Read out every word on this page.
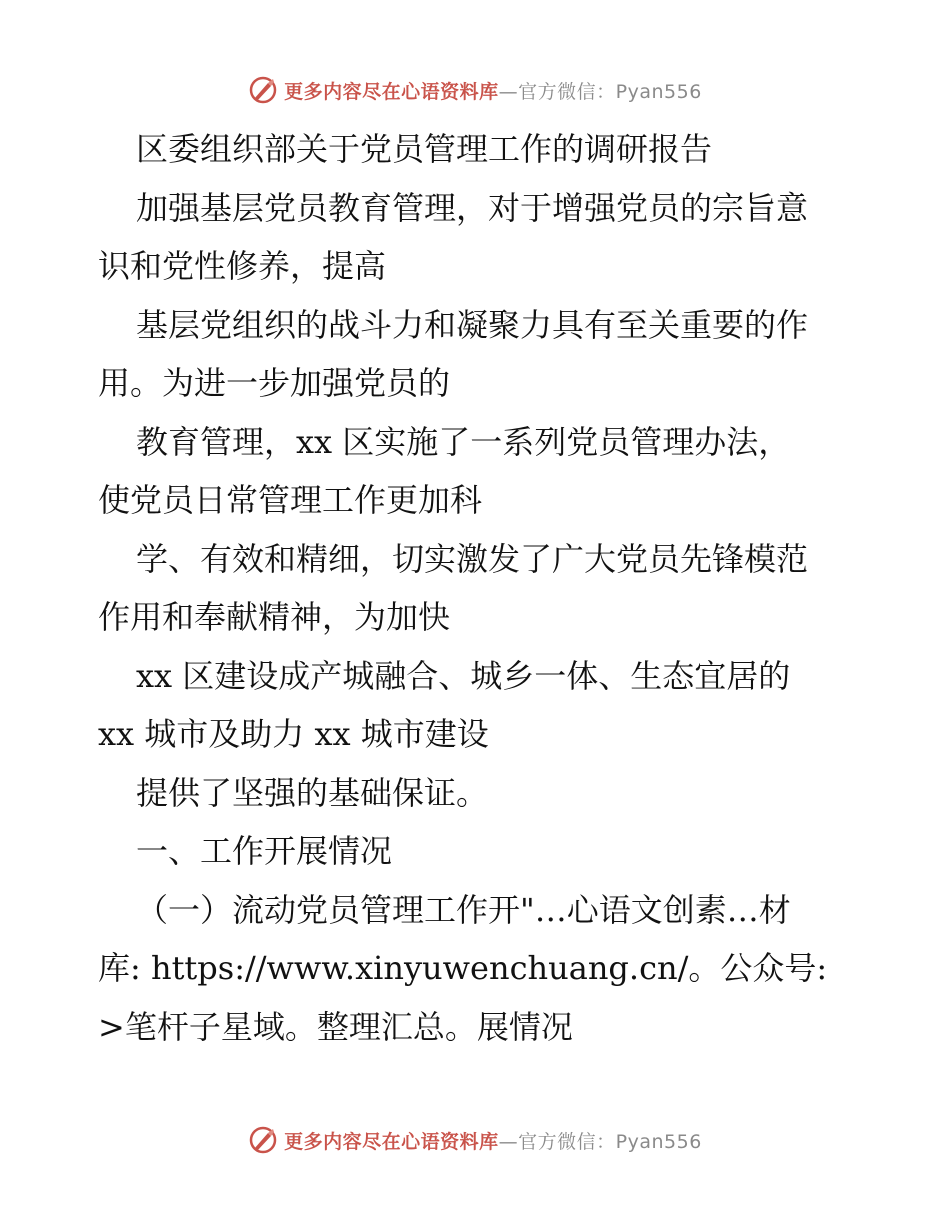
更多内容尽在心语资料库 —官方微信：Pyan556
区委组织部关于党员管理工作的调研报告
加强基层党员教育管理，对于增强党员的宗旨意
识和党性修养，提高
基层党组织的战斗力和凝聚力具有至关重要的作
用。为进一步加强党员的
教育管理，xx 区实施了一系列党员管理办法，
使党员日常管理工作更加科
学、有效和精细，切实激发了广大党员先锋模范
作用和奉献精神，为加快
xx 区建设成产城融合、城乡一体、生态宜居的
xx 城市及助力 xx 城市建设
提供了坚强的基础保证。
一、工作开展情况
（一）流动党员管理工作开"…心语文创素…材
库: https://www.xinyuwenchuang.cn/。公众号:
>笔杆子星域。整理汇总。展情况
更多内容尽在心语资料库 —官方微信：Pyan556
